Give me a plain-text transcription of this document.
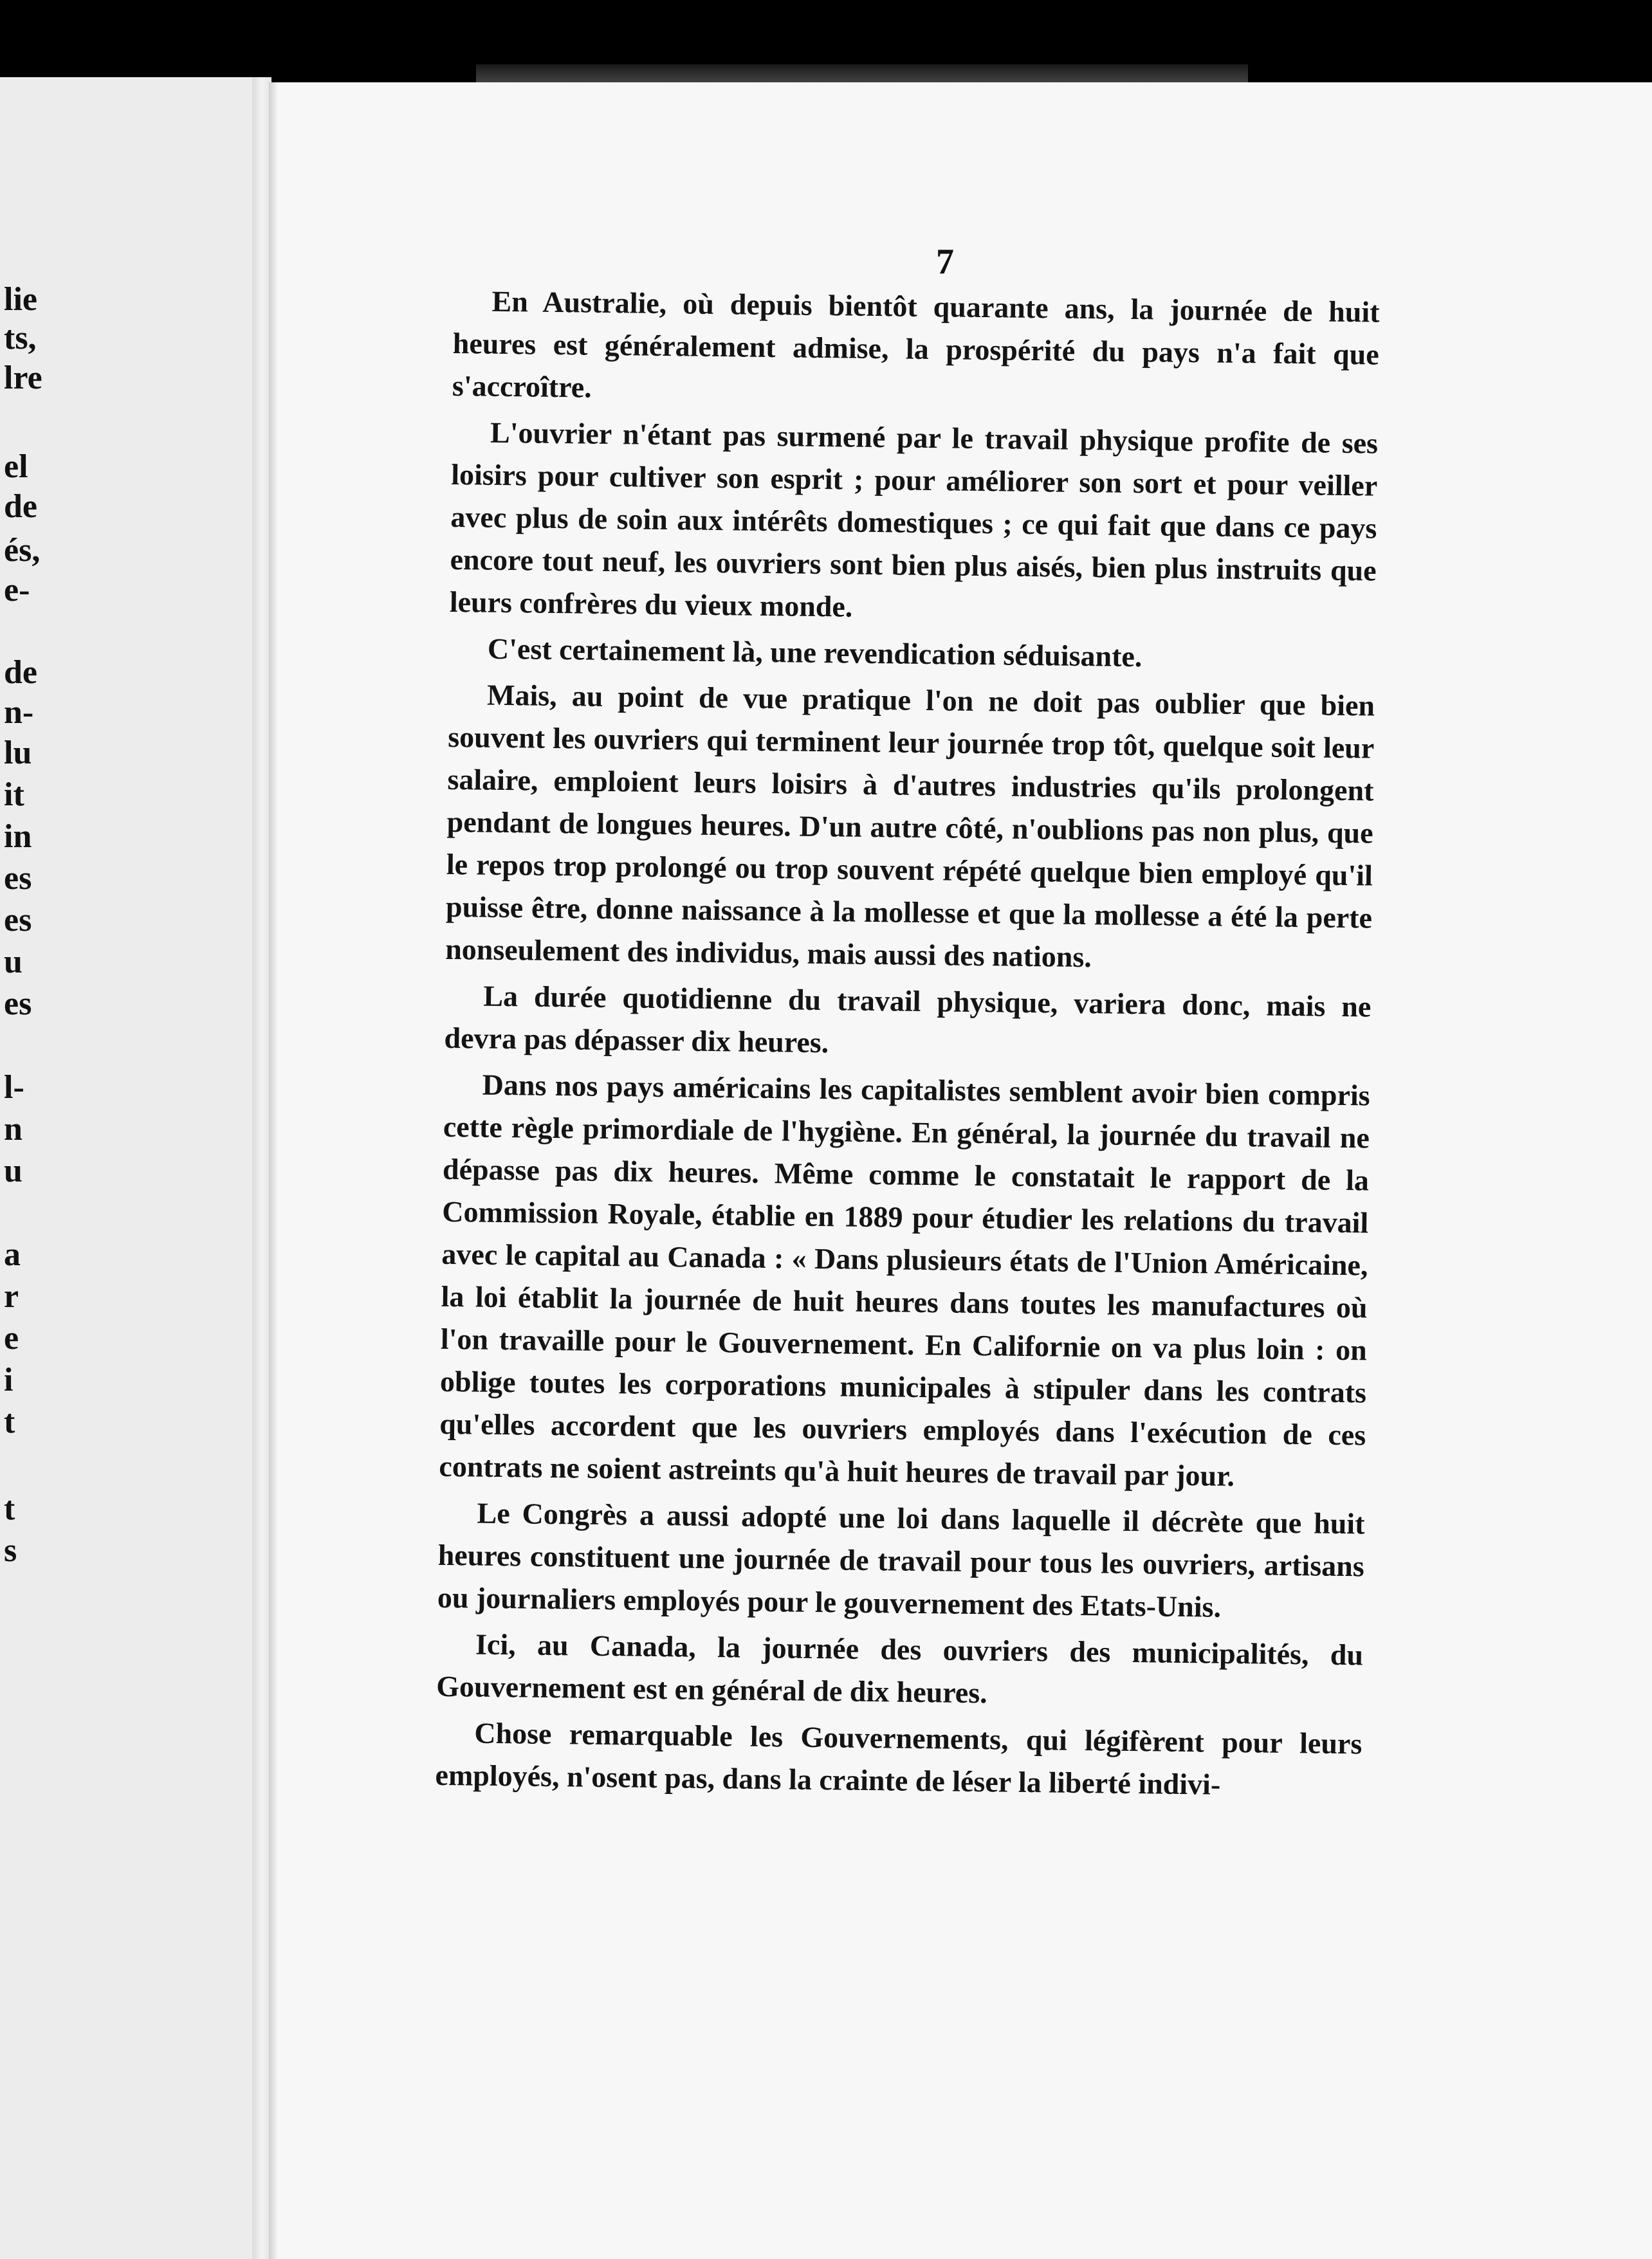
lie
ts,
lre
el
de
és,
e-
de
n-
lu
it
in
es
es
u
es
l-
n
u
a
r
e
i
t
t
s
7

En Australie, où depuis bientôt quarante ans, la journée de huit heures est généralement admise, la prospérité du pays n'a fait que s'accroître.

L'ouvrier n'étant pas surmené par le travail physique profite de ses loisirs pour cultiver son esprit ; pour améliorer son sort et pour veiller avec plus de soin aux intérêts domestiques ; ce qui fait que dans ce pays encore tout neuf, les ouvriers sont bien plus aisés, bien plus instruits que leurs confrères du vieux monde.

C'est certainement là, une revendication séduisante.

Mais, au point de vue pratique l'on ne doit pas oublier que bien souvent les ouvriers qui terminent leur journée trop tôt, quelque soit leur salaire, emploient leurs loisirs à d'autres industries qu'ils prolongent pendant de longues heures. D'un autre côté, n'oublions pas non plus, que le repos trop prolongé ou trop souvent répété quelque bien employé qu'il puisse être, donne naissance à la mollesse et que la mollesse a été la perte nonseulement des individus, mais aussi des nations.

La durée quotidienne du travail physique, variera donc, mais ne devra pas dépasser dix heures.

Dans nos pays américains les capitalistes semblent avoir bien compris cette règle primordiale de l'hygiène. En général, la journée du travail ne dépasse pas dix heures. Même comme le constatait le rapport de la Commission Royale, établie en 1889 pour étudier les relations du travail avec le capital au Canada : « Dans plusieurs états de l'Union Américaine, la loi établit la journée de huit heures dans toutes les manufactures où l'on travaille pour le Gouvernement. En Californie on va plus loin : on oblige toutes les corporations municipales à stipuler dans les contrats qu'elles accordent que les ouvriers employés dans l'exécution de ces contrats ne soient astreints qu'à huit heures de travail par jour.

Le Congrès a aussi adopté une loi dans laquelle il décrète que huit heures constituent une journée de travail pour tous les ouvriers, artisans ou journaliers employés pour le gouvernement des Etats-Unis.

Ici, au Canada, la journée des ouvriers des municipalités, du Gouvernement est en général de dix heures.

Chose remarquable les Gouvernements, qui légifèrent pour leurs employés, n'osent pas, dans la crainte de léser la liberté indivi-
